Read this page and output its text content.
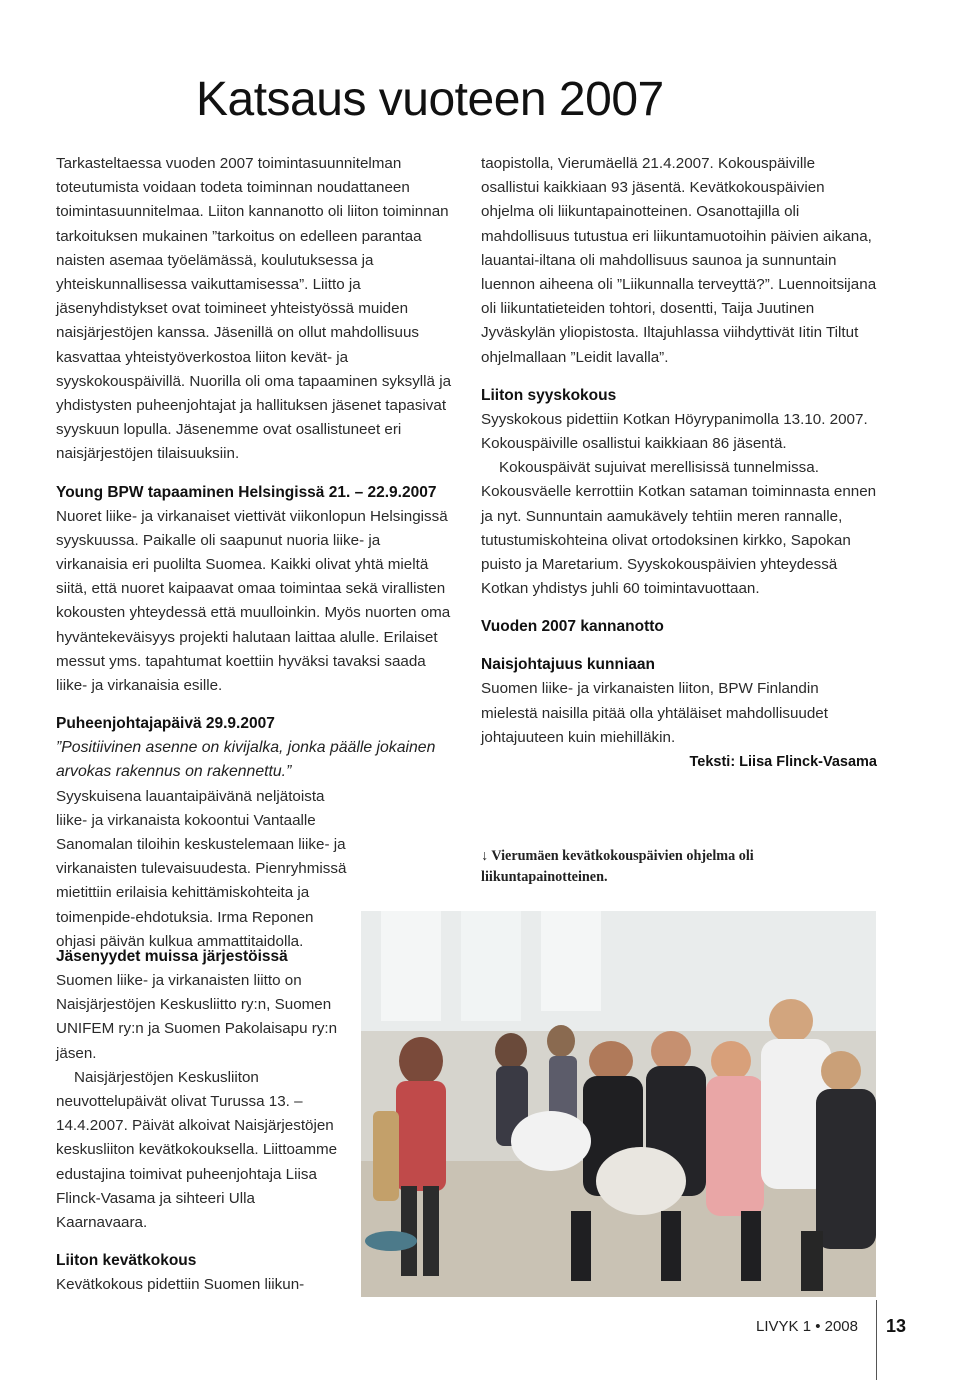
Katsaus vuoteen 2007

Tarkasteltaessa vuoden 2007 toimintasuunnitelman toteutumista voidaan todeta toiminnan noudattaneen toimintasuunnitelmaa. Liiton kannanotto oli liiton toiminnan tarkoituksen mukainen ”tarkoitus on edelleen parantaa naisten asemaa työelämässä, koulutuksessa ja yhteiskunnallisessa vaikuttamisessa”. Liitto ja jäsenyhdistykset ovat toimineet yhteistyössä muiden naisjärjestöjen kanssa. Jäsenillä on ollut mahdollisuus kasvattaa yhteistyöverkostoa liiton kevät- ja syyskokouspäivillä. Nuorilla oli oma tapaaminen syksyllä ja yhdistysten puheenjohtajat ja hallituksen jäsenet tapasivat syyskuun lopulla. Jäsenemme ovat osallistuneet eri naisjärjestöjen tilaisuuksiin.

Young BPW tapaaminen Helsingissä 21. – 22.9.2007

Nuoret liike- ja virkanaiset viettivät viikonlopun Helsingissä syyskuussa. Paikalle oli saapunut nuoria liike- ja virkanaisia eri puolilta Suomea. Kaikki olivat yhtä mieltä siitä, että nuoret kaipaavat omaa toimintaa sekä virallisten kokousten yhteydessä että muulloinkin. Myös nuorten oma hyväntekeväisyys projekti halutaan laittaa alulle. Erilaiset messut yms. tapahtumat koettiin hyväksi tavaksi saada liike- ja virkanaisia esille.

Puheenjohtajapäivä 29.9.2007

”Positiivinen asenne on kivijalka, jonka päälle jokainen arvokas rakennus on rakennettu.”

Syyskuisena lauantaipäivänä neljätoista liike- ja virkanaista kokoontui Vantaalle Sanomalan tiloihin keskustelemaan liike- ja virkanaisten tulevaisuudesta. Pienryhmissä mietittiin erilaisia kehittämiskohteita ja toimenpide-ehdotuksia. Irma Reponen ohjasi päivän kulkua ammattitaidolla.

Jäsenyydet muissa järjestöissä

Suomen liike- ja virkanaisten liitto on Naisjärjestöjen Keskusliitto ry:n, Suomen UNIFEM ry:n ja Suomen Pakolaisapu ry:n jäsen.

Naisjärjestöjen Keskusliiton neuvottelupäivät olivat Turussa 13. – 14.4.2007. Päivät alkoivat Naisjärjestöjen keskusliiton kevätkokouksella. Liittoamme edustajina toimivat puheenjohtaja Liisa Flinck-Vasama ja sihteeri Ulla Kaarnavaara.

Liiton kevätkokous

Kevätkokous pidettiin Suomen liikun-

taopistolla, Vierumäellä 21.4.2007. Kokouspäiville osallistui kaikkiaan 93 jäsentä. Kevätkokouspäivien ohjelma oli liikuntapainotteinen. Osanottajilla oli mahdollisuus tutustua eri liikuntamuotoihin päivien aikana, lauantai-iltana oli mahdollisuus saunoa ja sunnuntain luennon aiheena oli ”Liikunnalla terveyttä?”. Luennoitsijana oli liikuntatieteiden tohtori, dosentti, Taija Juutinen Jyväskylän yliopistosta. Iltajuhlassa viihdyttivät Iitin Tiltut ohjelmallaan ”Leidit lavalla”.

Liiton syyskokous

Syyskokous pidettiin Kotkan Höyrypanimolla 13.10. 2007. Kokouspäiville osallistui kaikkiaan 86 jäsentä.

Kokouspäivät sujuivat merellisissä tunnelmissa. Kokousväelle kerrottiin Kotkan sataman toiminnasta ennen ja nyt. Sunnuntain aamukävely tehtiin meren rannalle, tutustumiskohteina olivat ortodoksinen kirkko, Sapokan puisto ja Maretarium. Syyskokouspäivien yhteydessä Kotkan yhdistys juhli 60 toimintavuottaan.

Vuoden 2007 kannanotto
Naisjohtajuus kunniaan

Suomen liike- ja virkanaisten liiton, BPW Finlandin mielestä naisilla pitää olla yhtäläiset mahdollisuudet johtajuuteen kuin miehilläkin.

Teksti: Liisa Flinck-Vasama

↓ Vierumäen kevätkokouspäivien ohjelma oli liikuntapainotteinen.
LIVYK 1 • 2008 13
